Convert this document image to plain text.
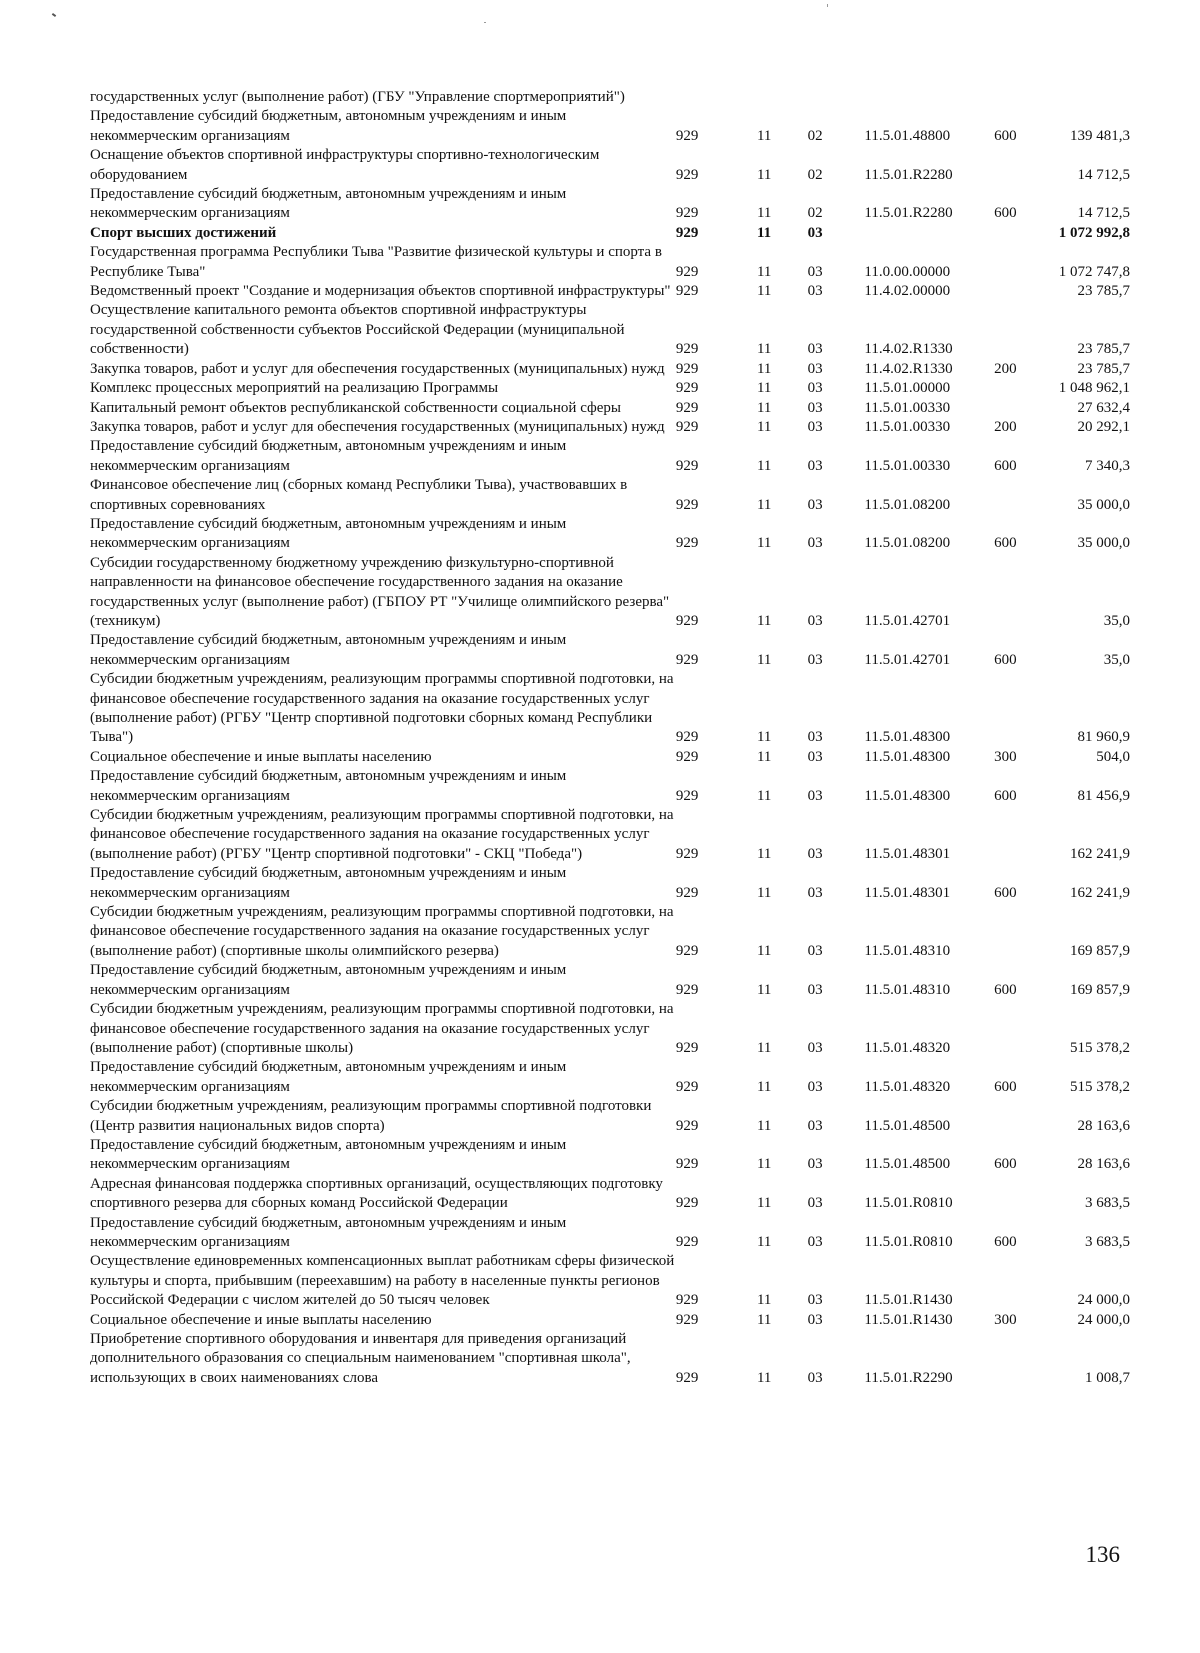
государственных услуг (выполнение работ) (ГБУ "Управление спортмероприятий")						
Предоставление субсидий бюджетным, автономным учреждениям и иным некоммерческим организациям	929	11	02	11.5.01.48800	600	139 481,3
Оснащение объектов спортивной инфраструктуры спортивно-технологическим оборудованием	929	11	02	11.5.01.R2280		14 712,5
Предоставление субсидий бюджетным, автономным учреждениям и иным некоммерческим организациям	929	11	02	11.5.01.R2280	600	14 712,5
Спорт высших достижений	929	11	03			1 072 992,8
Государственная программа Республики Тыва "Развитие физической культуры и спорта в Республике Тыва"	929	11	03	11.0.00.00000		1 072 747,8
Ведомственный проект "Создание и модернизация объектов спортивной инфраструктуры"	929	11	03	11.4.02.00000		23 785,7
Осуществление капитального ремонта объектов спортивной инфраструктуры государственной собственности субъектов Российской Федерации (муниципальной собственности)	929	11	03	11.4.02.R1330		23 785,7
Закупка товаров, работ и услуг для обеспечения государственных (муниципальных) нужд	929	11	03	11.4.02.R1330	200	23 785,7
Комплекс процессных мероприятий на реализацию Программы	929	11	03	11.5.01.00000		1 048 962,1
Капитальный ремонт объектов республиканской собственности социальной сферы	929	11	03	11.5.01.00330		27 632,4
Закупка товаров, работ и услуг для обеспечения государственных (муниципальных) нужд	929	11	03	11.5.01.00330	200	20 292,1
Предоставление субсидий бюджетным, автономным учреждениям и иным некоммерческим организациям	929	11	03	11.5.01.00330	600	7 340,3
Финансовое обеспечение лиц (сборных команд Республики Тыва), участвовавших в спортивных соревнованиях	929	11	03	11.5.01.08200		35 000,0
Предоставление субсидий бюджетным, автономным учреждениям и иным некоммерческим организациям	929	11	03	11.5.01.08200	600	35 000,0
Субсидии государственному бюджетному учреждению физкультурно-спортивной направленности на финансовое обеспечение государственного задания на оказание государственных услуг (выполнение работ) (ГБПОУ РТ "Училище олимпийского резерва" (техникум)	929	11	03	11.5.01.42701		35,0
Предоставление субсидий бюджетным, автономным учреждениям и иным некоммерческим организациям	929	11	03	11.5.01.42701	600	35,0
Субсидии бюджетным учреждениям, реализующим программы спортивной подготовки, на финансовое обеспечение государственного задания на оказание государственных услуг (выполнение работ) (РГБУ "Центр спортивной подготовки сборных команд Республики Тыва")	929	11	03	11.5.01.48300		81 960,9
Социальное обеспечение и иные выплаты населению	929	11	03	11.5.01.48300	300	504,0
Предоставление субсидий бюджетным, автономным учреждениям и иным некоммерческим организациям	929	11	03	11.5.01.48300	600	81 456,9
Субсидии бюджетным учреждениям, реализующим программы спортивной подготовки, на финансовое обеспечение государственного задания на оказание государственных услуг (выполнение работ) (РГБУ "Центр спортивной подготовки" - СКЦ "Победа")	929	11	03	11.5.01.48301		162 241,9
Предоставление субсидий бюджетным, автономным учреждениям и иным некоммерческим организациям	929	11	03	11.5.01.48301	600	162 241,9
Субсидии бюджетным учреждениям, реализующим программы спортивной подготовки, на финансовое обеспечение государственного задания на оказание государственных услуг (выполнение работ) (спортивные школы олимпийского резерва)	929	11	03	11.5.01.48310		169 857,9
Предоставление субсидий бюджетным, автономным учреждениям и иным некоммерческим организациям	929	11	03	11.5.01.48310	600	169 857,9
Субсидии бюджетным учреждениям, реализующим программы спортивной подготовки, на финансовое обеспечение государственного задания на оказание государственных услуг (выполнение работ) (спортивные школы)	929	11	03	11.5.01.48320		515 378,2
Предоставление субсидий бюджетным, автономным учреждениям и иным некоммерческим организациям	929	11	03	11.5.01.48320	600	515 378,2
Субсидии бюджетным учреждениям, реализующим программы спортивной подготовки (Центр развития национальных видов спорта)	929	11	03	11.5.01.48500		28 163,6
Предоставление субсидий бюджетным, автономным учреждениям и иным некоммерческим организациям	929	11	03	11.5.01.48500	600	28 163,6
Адресная финансовая поддержка спортивных организаций, осуществляющих подготовку спортивного резерва для сборных команд Российской Федерации	929	11	03	11.5.01.R0810		3 683,5
Предоставление субсидий бюджетным, автономным учреждениям и иным некоммерческим организациям	929	11	03	11.5.01.R0810	600	3 683,5
Осуществление единовременных компенсационных выплат работникам сферы физической культуры и спорта, прибывшим (переехавшим) на работу в населенные пункты регионов Российской Федерации с числом жителей до 50 тысяч человек	929	11	03	11.5.01.R1430		24 000,0
Социальное обеспечение и иные выплаты населению	929	11	03	11.5.01.R1430	300	24 000,0
Приобретение спортивного оборудования и инвентаря для приведения организаций дополнительного образования со специальным наименованием "спортивная школа", использующих в своих наименованиях слова	929	11	03	11.5.01.R2290		1 008,7
136
